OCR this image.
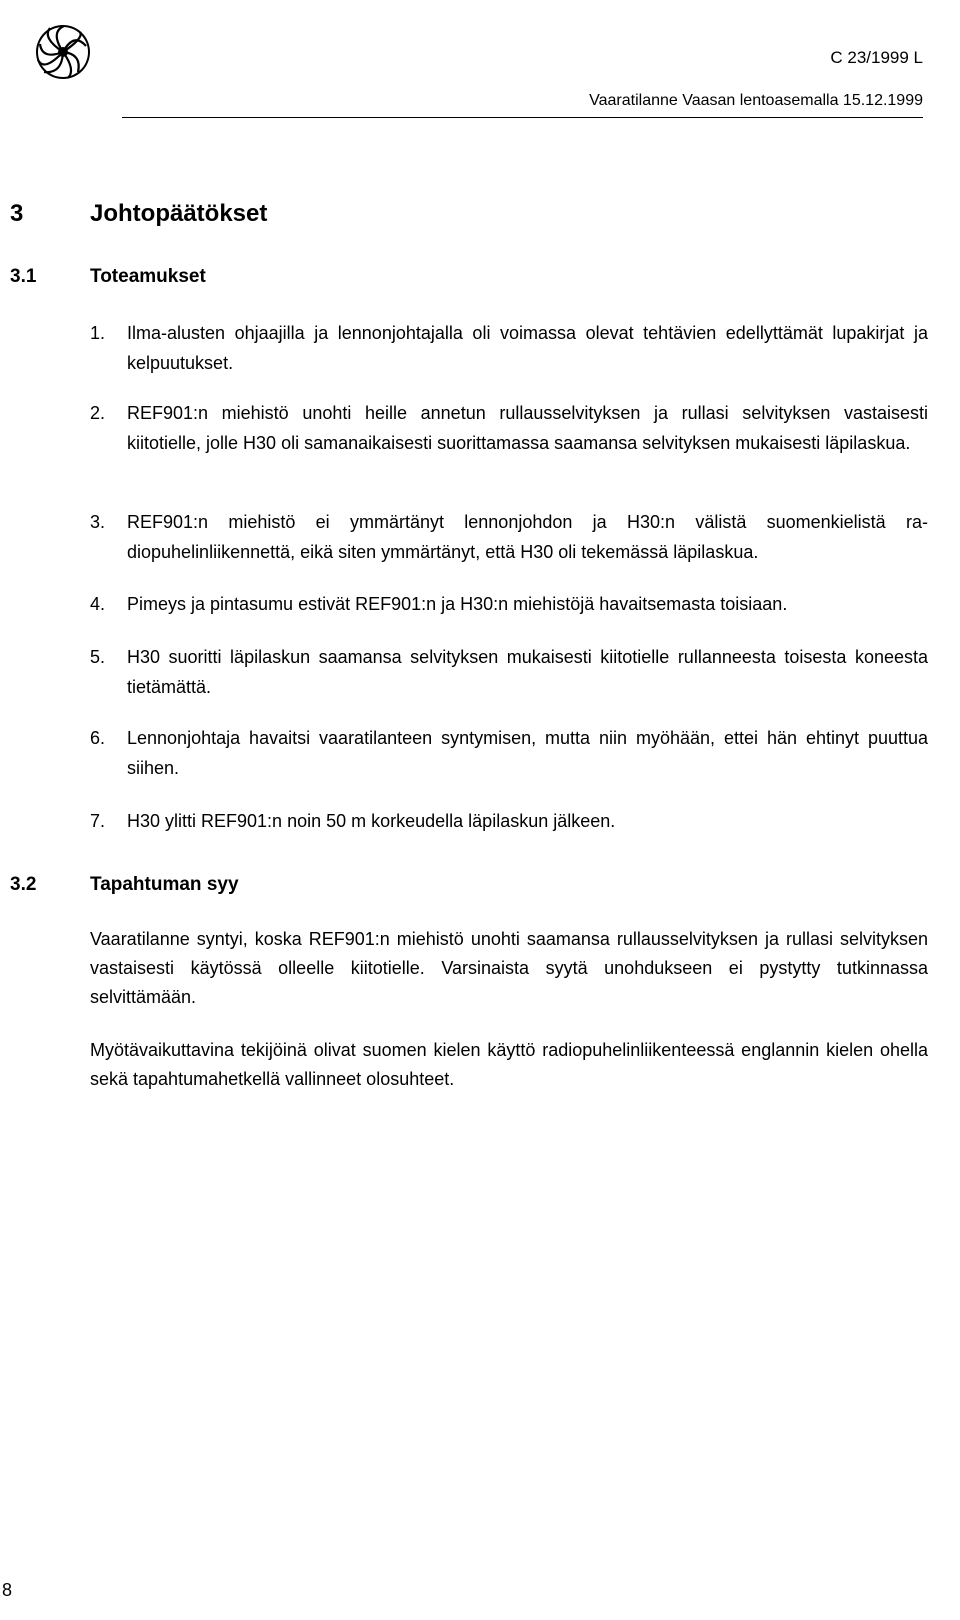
C 23/1999 L
Vaaratilanne Vaasan lentoasemalla 15.12.1999
3	Johtopäätökset
3.1	Toteamukset
1.	Ilma-alusten ohjaajilla ja lennonjohtajalla oli voimassa olevat tehtävien edellyttämät lupakirjat ja kelpuutukset.
2.	REF901:n miehistö unohti heille annetun rullausselvityksen ja rullasi selvityksen vastaisesti kiitotielle, jolle H30 oli samanaikaisesti suorittamassa saamansa selvityksen mukaisesti läpilaskua.
3.	REF901:n miehistö ei ymmärtänyt lennonjohdon ja H30:n välistä suomenkielistä radiopuhelinliikennettä, eikä siten ymmärtänyt, että H30 oli tekemässä läpilaskua.
4.	Pimeys ja pintasumu estivät REF901:n ja H30:n miehistöjä havaitsemasta toisiaan.
5.	H30 suoritti läpilaskun saamansa selvityksen mukaisesti kiitotielle rullanneesta toisesta koneesta tietämättä.
6.	Lennonjohtaja havaitsi vaaratilanteen syntymisen, mutta niin myöhään, ettei hän ehtinyt puuttua siihen.
7.	H30 ylitti REF901:n noin 50 m korkeudella läpilaskun jälkeen.
3.2	Tapahtuman syy

Vaaratilanne syntyi, koska REF901:n miehistö unohti saamansa rullausselvityksen ja rullasi selvityksen vastaisesti käytössä olleelle kiitotielle. Varsinaista syytä unohdukseen ei pystytty tutkinnassa selvittämään.

Myötävaikuttavina tekijöinä olivat suomen kielen käyttö radiopuhelinliikenteessä englannin kielen ohella sekä tapahtumahetkellä vallinneet olosuhteet.

8
